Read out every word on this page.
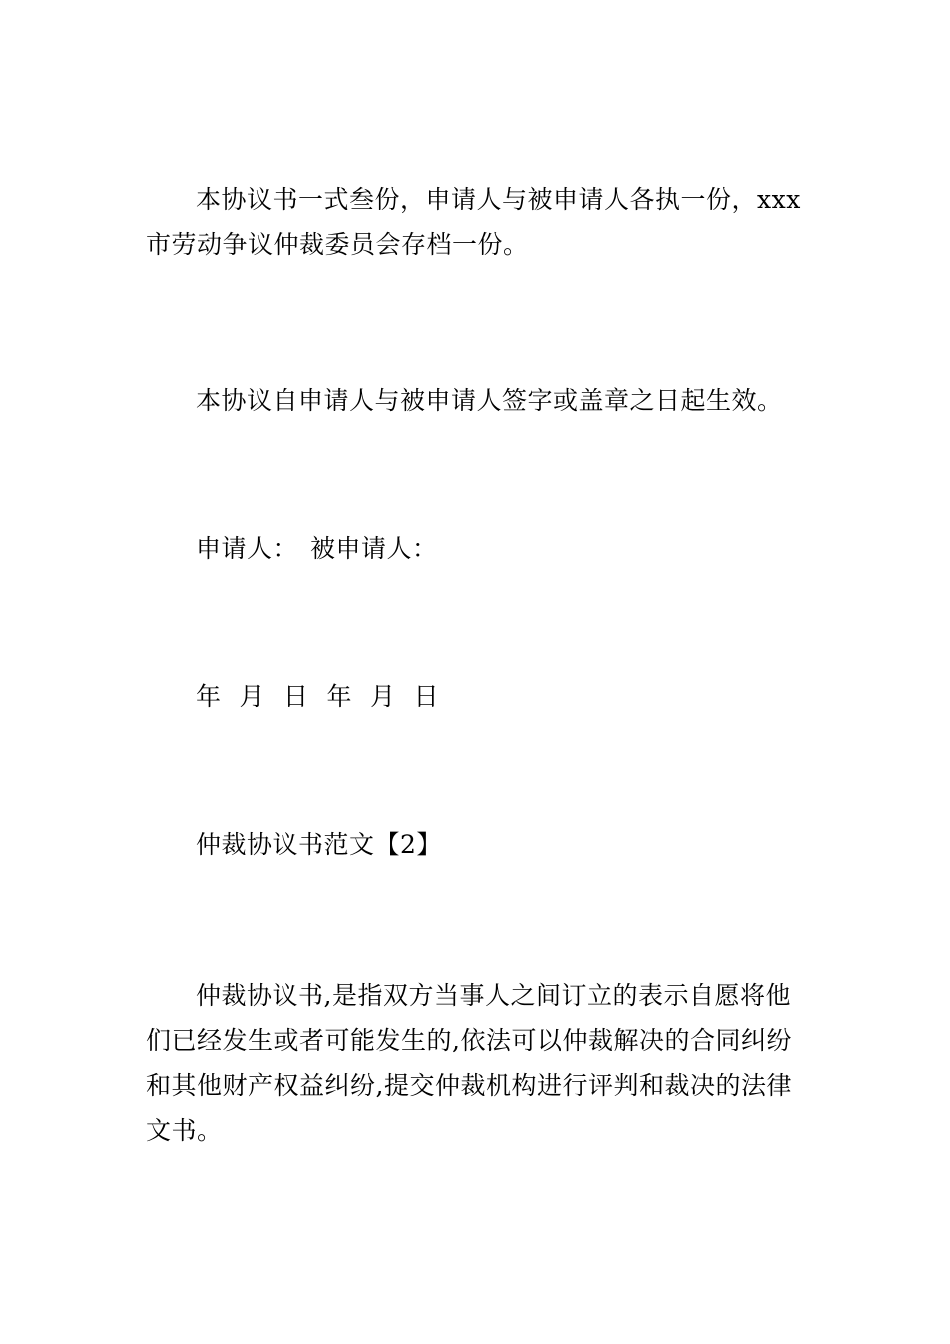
本协议书一式叁份，申请人与被申请人各执一份，xxx
市劳动争议仲裁委员会存档一份。
本协议自申请人与被申请人签字或盖章之日起生效。
申请人： 被申请人：
年 月 日 年 月 日
仲裁协议书范文【2】
仲裁协议书,是指双方当事人之间订立的表示自愿将他
们已经发生或者可能发生的,依法可以仲裁解决的合同纠纷
和其他财产权益纠纷,提交仲裁机构进行评判和裁决的法律
文书。
